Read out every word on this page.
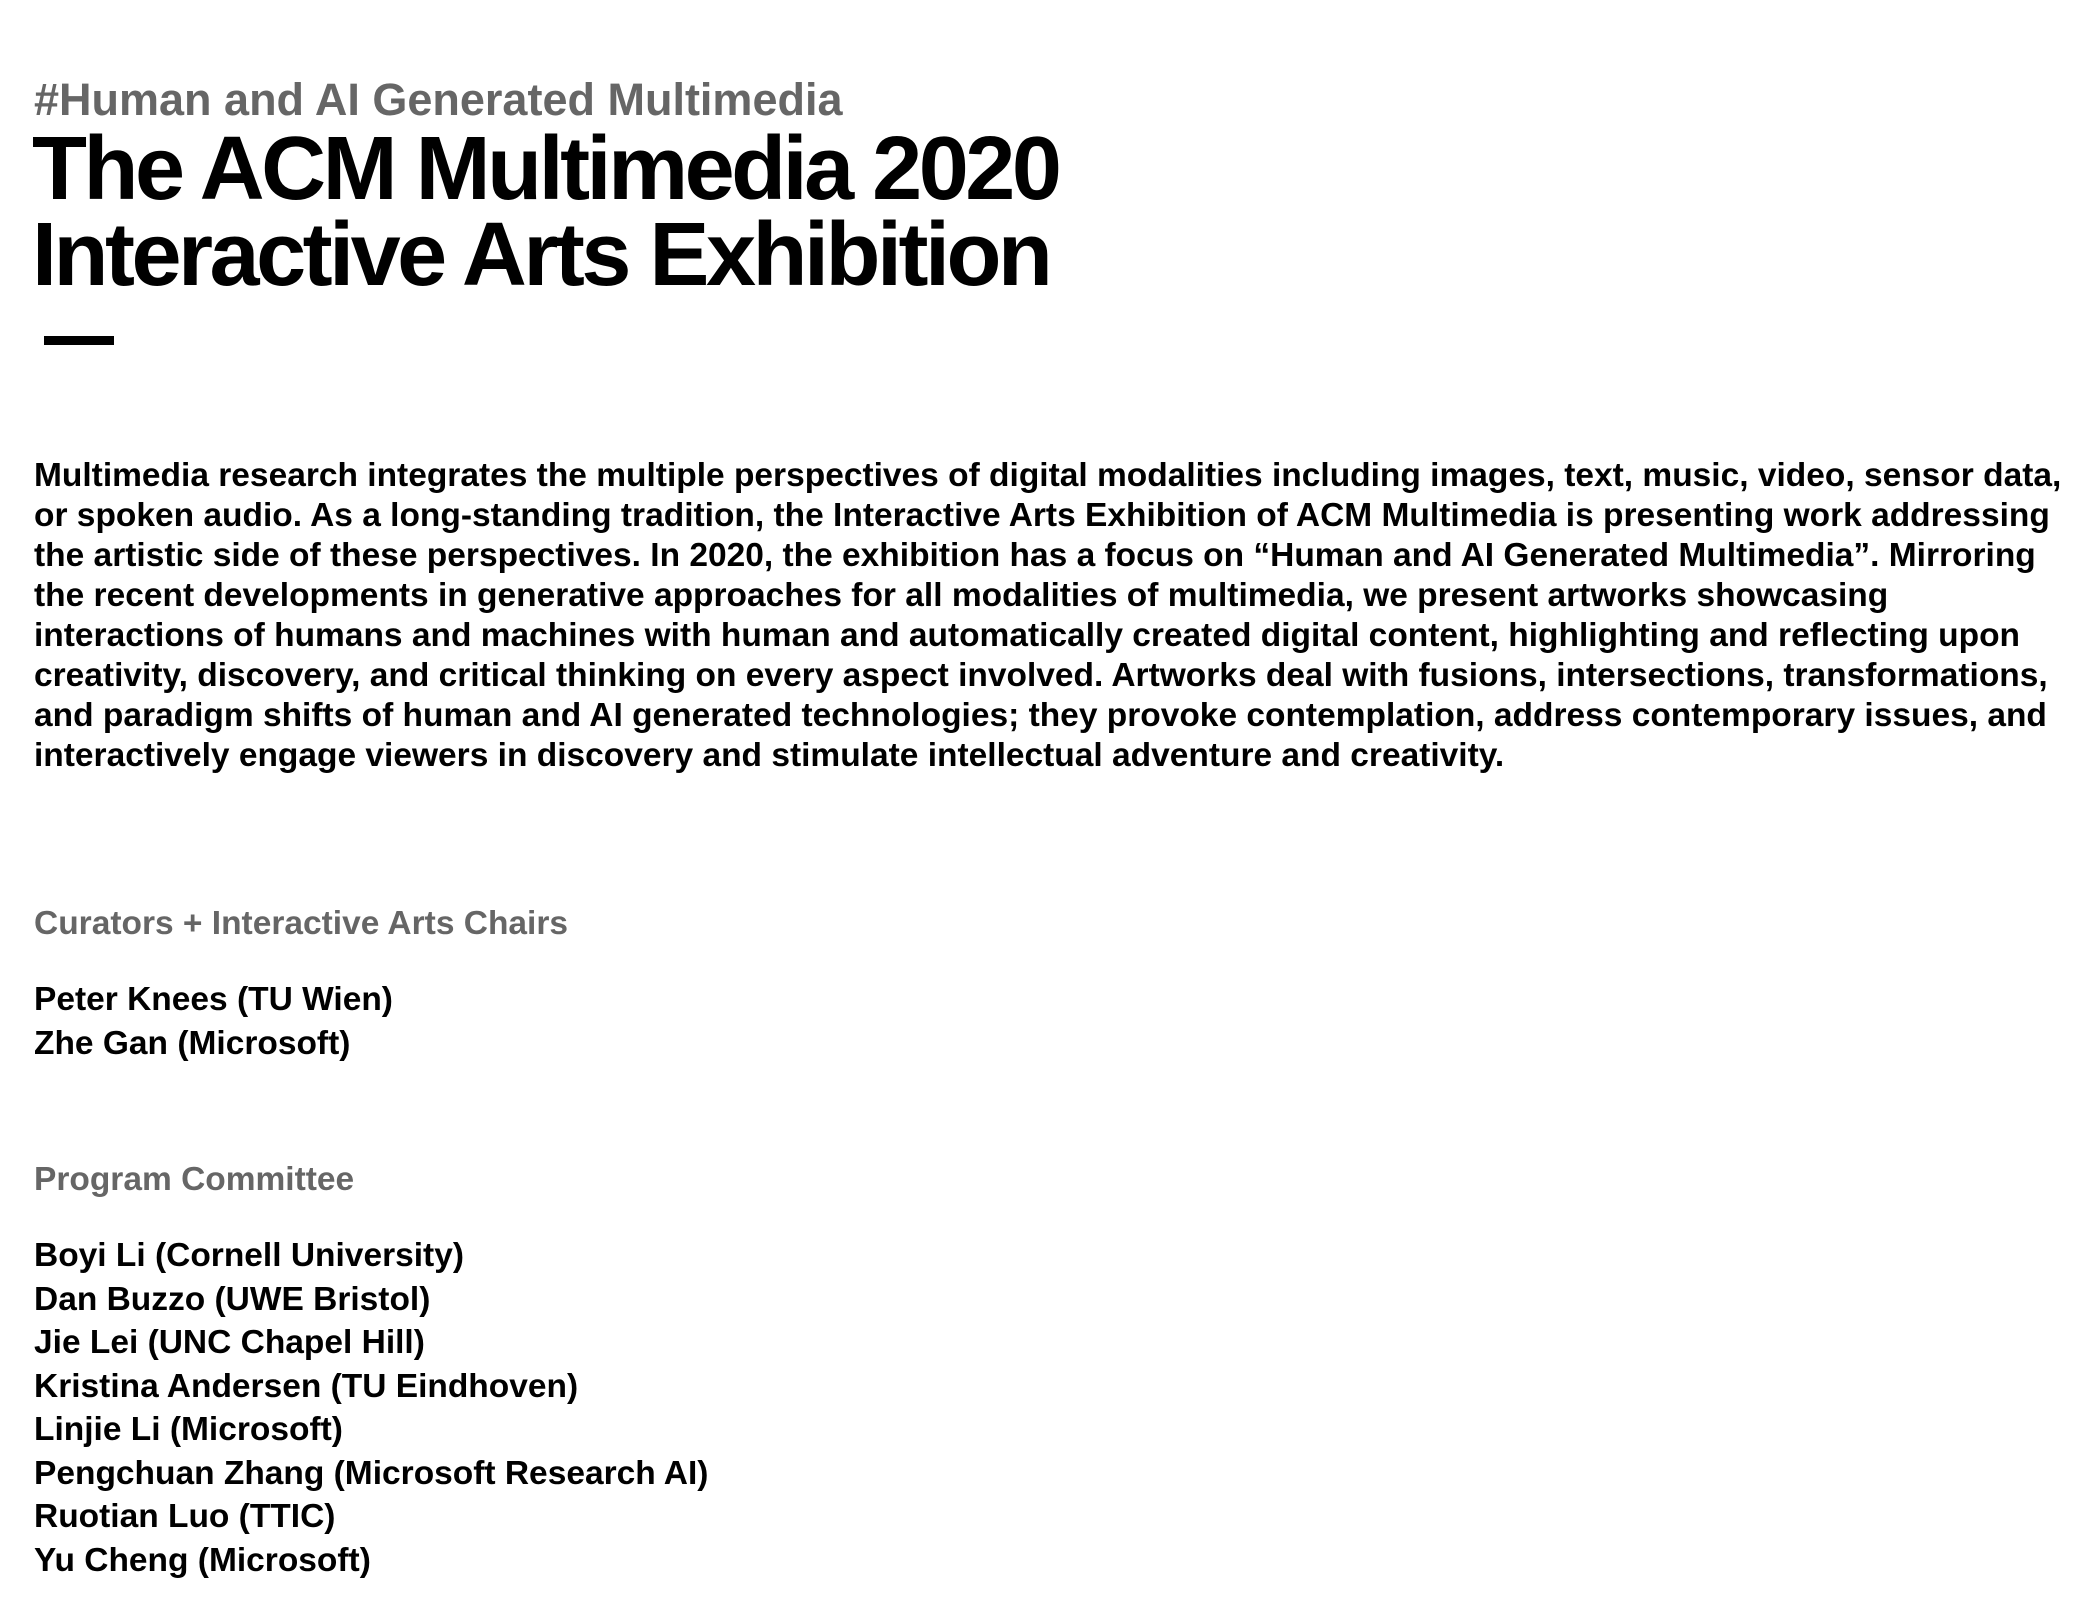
#Human and AI Generated Multimedia
The ACM Multimedia 2020
Interactive Arts Exhibition

Multimedia research integrates the multiple perspectives of digital modalities including images, text, music, video, sensor data, or spoken audio. As a long-standing tradition, the Interactive Arts Exhibition of ACM Multimedia is presenting work addressing the artistic side of these perspectives. In 2020, the exhibition has a focus on “Human and AI Generated Multimedia”. Mirroring the recent developments in generative approaches for all modalities of multimedia, we present artworks showcasing interactions of humans and machines with human and automatically created digital content, highlighting and reflecting upon creativity, discovery, and critical thinking on every aspect involved. Artworks deal with fusions, intersections, transformations, and paradigm shifts of human and AI generated technologies; they provoke contemplation, address contemporary issues, and interactively engage viewers in discovery and stimulate intellectual adventure and creativity.

Curators + Interactive Arts Chairs
Peter Knees (TU Wien)
Zhe Gan (Microsoft)
Program Committee
Boyi Li (Cornell University)
Dan Buzzo (UWE Bristol)
Jie Lei (UNC Chapel Hill)
Kristina Andersen (TU Eindhoven)
Linjie Li (Microsoft)
Pengchuan Zhang (Microsoft Research AI)
Ruotian Luo (TTIC)
Yu Cheng (Microsoft)
